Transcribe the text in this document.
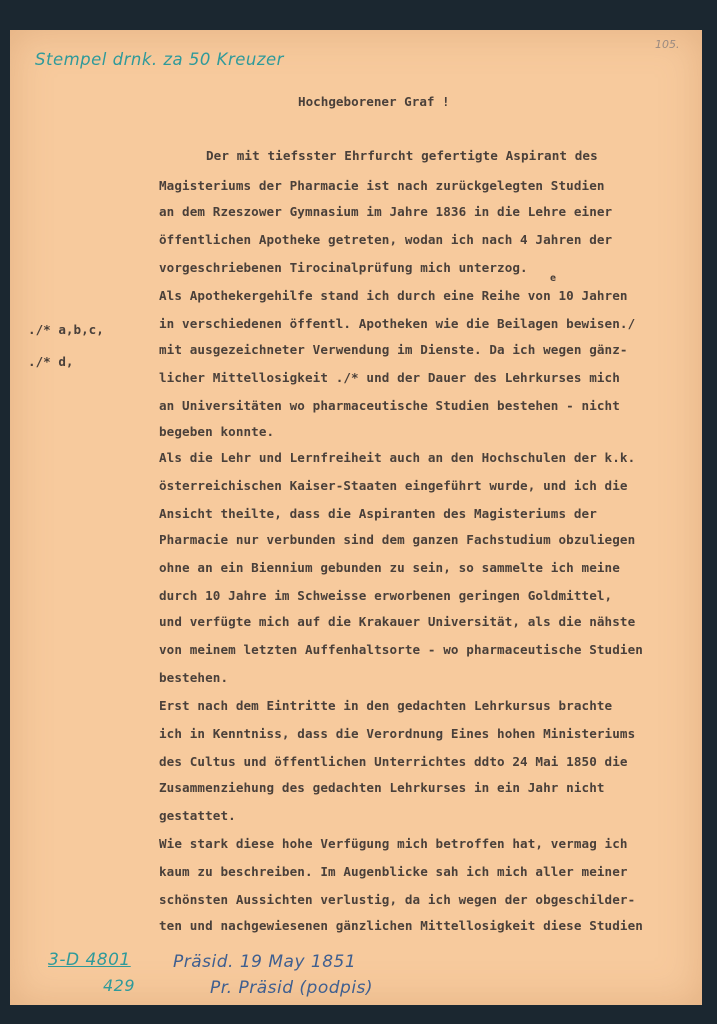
Stempel drnk. za 50 Kreuzer
105.
Hochgeborener Graf !
./* a,b,c,
./* d,
e
Der mit tiefsster Ehrfurcht gefertigte Aspirant des
Magisteriums der Pharmacie ist nach zurückgelegten Studien
an dem Rzeszower Gymnasium im Jahre 1836 in die Lehre einer
öffentlichen Apotheke getreten, wodan ich nach 4 Jahren der
vorgeschriebenen Tirocinalprüfung mich unterzog.
Als Apothekergehilfe stand ich durch eine Reihe von 10 Jahren
in verschiedenen öffentl. Apotheken wie die Beilagen bewisen./
mit ausgezeichneter Verwendung im Dienste. Da ich wegen gänz-
licher Mittellosigkeit ./* und der Dauer des Lehrkurses mich
an Universitäten wo pharmaceutische Studien bestehen - nicht
begeben konnte.
Als die Lehr und Lernfreiheit auch an den Hochschulen der k.k.
österreichischen Kaiser-Staaten eingeführt wurde, und ich die
Ansicht theilte, dass die Aspiranten des Magisteriums der
Pharmacie nur verbunden sind dem ganzen Fachstudium obzuliegen
ohne an ein Biennium gebunden zu sein, so sammelte ich meine
durch 10 Jahre im Schweisse erworbenen geringen Goldmittel,
und verfügte mich auf die Krakauer Universität, als die nähste
von meinem letzten Auffenhaltsorte - wo pharmaceutische Studien
bestehen.
Erst nach dem Eintritte in den gedachten Lehrkursus brachte
ich in Kenntniss, dass die Verordnung Eines hohen Ministeriums
des Cultus und öffentlichen Unterrichtes ddto 24 Mai 1850 die
Zusammenziehung des gedachten Lehrkurses in ein Jahr nicht
gestattet.
Wie stark diese hohe Verfügung mich betroffen hat, vermag ich
kaum zu beschreiben. Im Augenblicke sah ich mich aller meiner
schönsten Aussichten verlustig, da ich wegen der obgeschilder-
ten und nachgewiesenen gänzlichen Mittellosigkeit diese Studien
3-D 4801
429
Präsid. 19 May 1851
Pr. Präsid (podpis)
